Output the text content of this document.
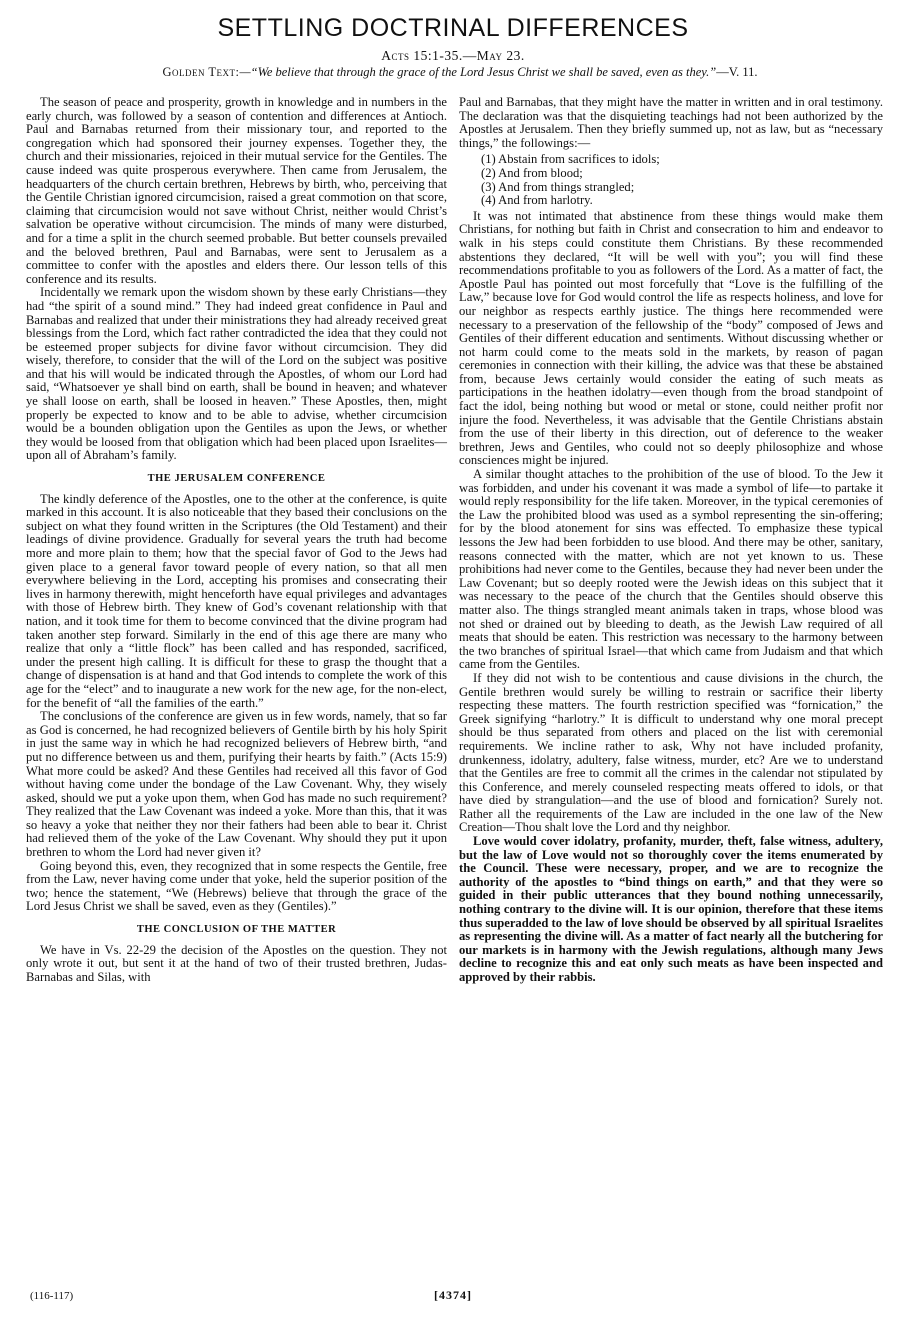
SETTLING DOCTRINAL DIFFERENCES

Acts 15:1-35.—May 23.

Golden Text:—“We believe that through the grace of the Lord Jesus Christ we shall be saved, even as they.”—V. 11.

The season of peace and prosperity, growth in knowledge and in numbers in the early church, was followed by a season of contention and differences at Antioch. Paul and Barnabas returned from their missionary tour, and reported to the congregation which had sponsored their journey expenses. Together they, the church and their missionaries, rejoiced in their mutual service for the Gentiles. The cause indeed was quite prosperous everywhere. Then came from Jerusalem, the headquarters of the church certain brethren, Hebrews by birth, who, perceiving that the Gentile Christian ignored circumcision, raised a great commotion on that score, claiming that circumcision would not save without Christ, neither would Christ’s salvation be operative without circumcision. The minds of many were disturbed, and for a time a split in the church seemed probable. But better counsels prevailed and the beloved brethren, Paul and Barnabas, were sent to Jerusalem as a committee to confer with the apostles and elders there. Our lesson tells of this conference and its results.

Incidentally we remark upon the wisdom shown by these early Christians—they had “the spirit of a sound mind.” They had indeed great confidence in Paul and Barnabas and realized that under their ministrations they had already received great blessings from the Lord, which fact rather contradicted the idea that they could not be esteemed proper subjects for divine favor without circumcision. They did wisely, therefore, to consider that the will of the Lord on the subject was positive and that his will would be indicated through the Apostles, of whom our Lord had said, “Whatsoever ye shall bind on earth, shall be bound in heaven; and whatever ye shall loose on earth, shall be loosed in heaven.” These Apostles, then, might properly be expected to know and to be able to advise, whether circumcision would be a bounden obligation upon the Gentiles as upon the Jews, or whether they would be loosed from that obligation which had been placed upon Israelites—upon all of Abraham’s family.

THE JERUSALEM CONFERENCE

The kindly deference of the Apostles, one to the other at the conference, is quite marked in this account. It is also noticeable that they based their conclusions on the subject on what they found written in the Scriptures (the Old Testament) and their leadings of divine providence. Gradually for several years the truth had become more and more plain to them; how that the special favor of God to the Jews had given place to a general favor toward people of every nation, so that all men everywhere believing in the Lord, accepting his promises and consecrating their lives in harmony therewith, might henceforth have equal privileges and advantages with those of Hebrew birth. They knew of God’s covenant relationship with that nation, and it took time for them to become convinced that the divine program had taken another step forward. Similarly in the end of this age there are many who realize that only a “little flock” has been called and has responded, sacrificed, under the present high calling. It is difficult for these to grasp the thought that a change of dispensation is at hand and that God intends to complete the work of this age for the “elect” and to inaugurate a new work for the new age, for the non-elect, for the benefit of “all the families of the earth.”

The conclusions of the conference are given us in few words, namely, that so far as God is concerned, he had recognized believers of Gentile birth by his holy Spirit in just the same way in which he had recognized believers of Hebrew birth, “and put no difference between us and them, purifying their hearts by faith.” (Acts 15:9) What more could be asked? And these Gentiles had received all this favor of God without having come under the bondage of the Law Covenant. Why, they wisely asked, should we put a yoke upon them, when God has made no such requirement? They realized that the Law Covenant was indeed a yoke. More than this, that it was so heavy a yoke that neither they nor their fathers had been able to bear it. Christ had relieved them of the yoke of the Law Covenant. Why should they put it upon brethren to whom the Lord had never given it?

Going beyond this, even, they recognized that in some respects the Gentile, free from the Law, never having come under that yoke, held the superior position of the two; hence the statement, “We (Hebrews) believe that through the grace of the Lord Jesus Christ we shall be saved, even as they (Gentiles).”

THE CONCLUSION OF THE MATTER

We have in Vs. 22-29 the decision of the Apostles on the question. They not only wrote it out, but sent it at the hand of two of their trusted brethren, Judas-Barnabas and Silas, with

Paul and Barnabas, that they might have the matter in written and in oral testimony. The declaration was that the disquieting teachings had not been authorized by the Apostles at Jerusalem. Then they briefly summed up, not as law, but as “necessary things,” the followings:—

(1) Abstain from sacrifices to idols;
(2) And from blood;
(3) And from things strangled;
(4) And from harlotry.

It was not intimated that abstinence from these things would make them Christians, for nothing but faith in Christ and consecration to him and endeavor to walk in his steps could constitute them Christians. By these recommended abstentions they declared, “It will be well with you”; you will find these recommendations profitable to you as followers of the Lord. As a matter of fact, the Apostle Paul has pointed out most forcefully that “Love is the fulfilling of the Law,” because love for God would control the life as respects holiness, and love for our neighbor as respects earthly justice. The things here recommended were necessary to a preservation of the fellowship of the “body” composed of Jews and Gentiles of their different education and sentiments. Without discussing whether or not harm could come to the meats sold in the markets, by reason of pagan ceremonies in connection with their killing, the advice was that these be abstained from, because Jews certainly would consider the eating of such meats as participations in the heathen idolatry—even though from the broad standpoint of fact the idol, being nothing but wood or metal or stone, could neither profit nor injure the food. Nevertheless, it was advisable that the Gentile Christians abstain from the use of their liberty in this direction, out of deference to the weaker brethren, Jews and Gentiles, who could not so deeply philosophize and whose consciences might be injured.

A similar thought attaches to the prohibition of the use of blood. To the Jew it was forbidden, and under his covenant it was made a symbol of life—to partake it would reply responsibility for the life taken. Moreover, in the typical ceremonies of the Law the prohibited blood was used as a symbol representing the sin-offering; for by the blood atonement for sins was effected. To emphasize these typical lessons the Jew had been forbidden to use blood. And there may be other, sanitary, reasons connected with the matter, which are not yet known to us. These prohibitions had never come to the Gentiles, because they had never been under the Law Covenant; but so deeply rooted were the Jewish ideas on this subject that it was necessary to the peace of the church that the Gentiles should observe this matter also. The things strangled meant animals taken in traps, whose blood was not shed or drained out by bleeding to death, as the Jewish Law required of all meats that should be eaten. This restriction was necessary to the harmony between the two branches of spiritual Israel—that which came from Judaism and that which came from the Gentiles.

If they did not wish to be contentious and cause divisions in the church, the Gentile brethren would surely be willing to restrain or sacrifice their liberty respecting these matters. The fourth restriction specified was “fornication,” the Greek signifying “harlotry.” It is difficult to understand why one moral precept should be thus separated from others and placed on the list with ceremonial requirements. We incline rather to ask, Why not have included profanity, drunkenness, idolatry, adultery, false witness, murder, etc? Are we to understand that the Gentiles are free to commit all the crimes in the calendar not stipulated by this Conference, and merely counseled respecting meats offered to idols, or that have died by strangulation—and the use of blood and fornication? Surely not. Rather all the requirements of the Law are included in the one law of the New Creation—Thou shalt love the Lord and thy neighbor.

Love would cover idolatry, profanity, murder, theft, false witness, adultery, but the law of Love would not so thoroughly cover the items enumerated by the Council. These were necessary, proper, and we are to recognize the authority of the apostles to “bind things on earth,” and that they were so guided in their public utterances that they bound nothing unnecessarily, nothing contrary to the divine will. It is our opinion, therefore that these items thus superadded to the law of love should be observed by all spiritual Israelites as representing the divine will. As a matter of fact nearly all the butchering for our markets is in harmony with the Jewish regulations, although many Jews decline to recognize this and eat only such meats as have been inspected and approved by their rabbis.

(116-117)	[4374]
